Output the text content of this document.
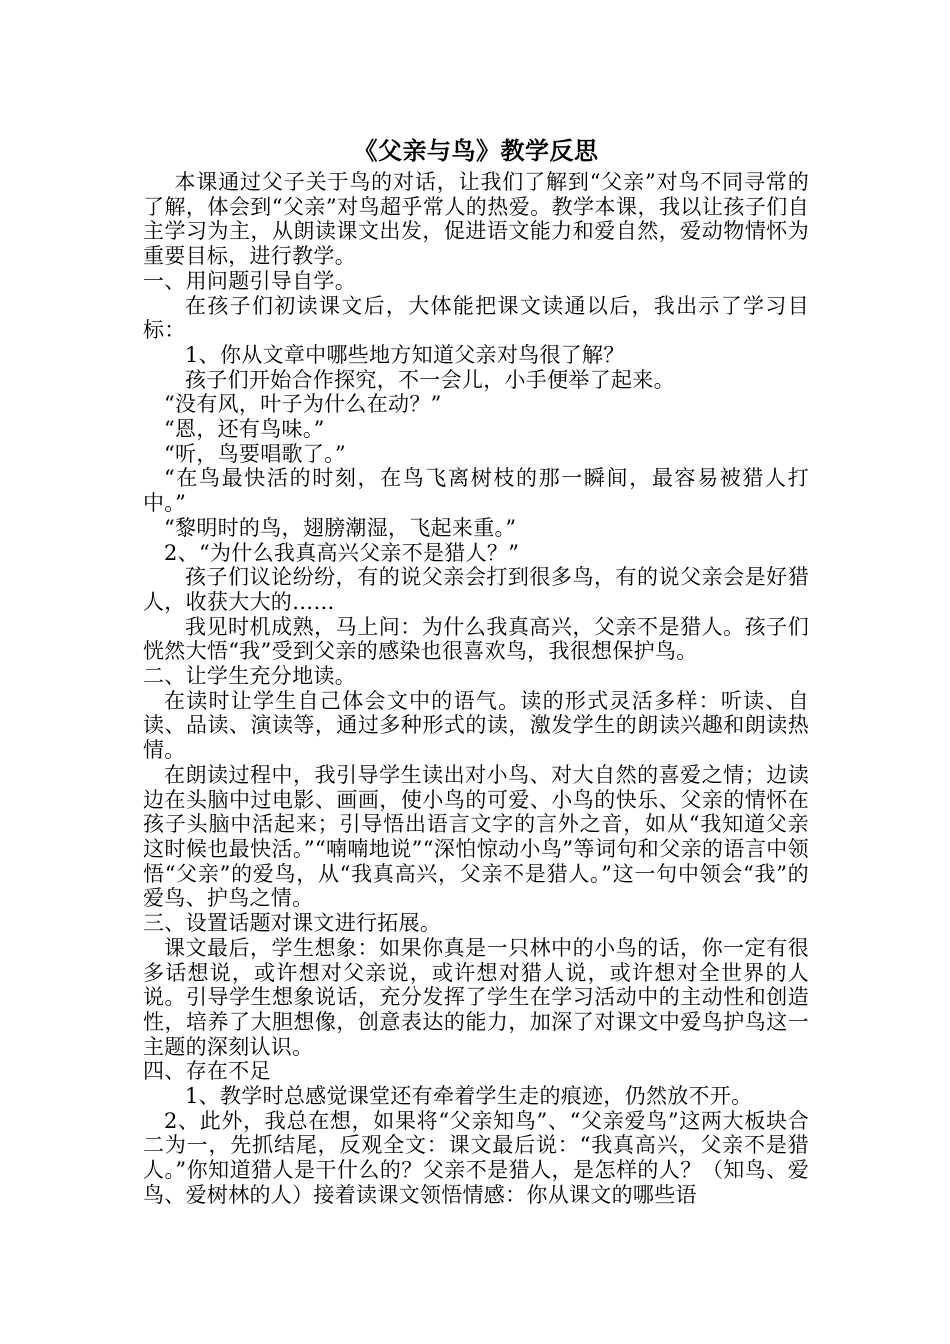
《父亲与鸟》教学反思

本课通过父子关于鸟的对话，让我们了解到“父亲”对鸟不同寻常的了解，体会到“父亲”对鸟超乎常人的热爱。教学本课，我以让孩子们自主学习为主，从朗读课文出发，促进语文能力和爱自然，爱动物情怀为重要目标，进行教学。

一、用问题引导自学。

在孩子们初读课文后，大体能把课文读通以后，我出示了学习目标：

1、你从文章中哪些地方知道父亲对鸟很了解？

孩子们开始合作探究，不一会儿，小手便举了起来。

“没有风，叶子为什么在动？”

“恩，还有鸟味。”

“听，鸟要唱歌了。”

“在鸟最快活的时刻，在鸟飞离树枝的那一瞬间，最容易被猎人打中。”

“黎明时的鸟，翅膀潮湿，飞起来重。”

2、“为什么我真高兴父亲不是猎人？”

孩子们议论纷纷，有的说父亲会打到很多鸟，有的说父亲会是好猎人，收获大大的……

我见时机成熟，马上问：为什么我真高兴，父亲不是猎人。孩子们恍然大悟“我”受到父亲的感染也很喜欢鸟，我很想保护鸟。

二、让学生充分地读。

在读时让学生自己体会文中的语气。读的形式灵活多样：听读、自读、品读、演读等，通过多种形式的读，激发学生的朗读兴趣和朗读热情。

在朗读过程中，我引导学生读出对小鸟、对大自然的喜爱之情；边读边在头脑中过电影、画画，使小鸟的可爱、小鸟的快乐、父亲的情怀在孩子头脑中活起来；引导悟出语言文字的言外之音，如从“我知道父亲这时候也最快活。”“喃喃地说”“深怕惊动小鸟”等词句和父亲的语言中领悟“父亲”的爱鸟，从“我真高兴，父亲不是猎人。”这一句中领会“我”的爱鸟、护鸟之情。

三、设置话题对课文进行拓展。

课文最后，学生想象：如果你真是一只林中的小鸟的话，你一定有很多话想说，或许想对父亲说，或许想对猎人说，或许想对全世界的人说。引导学生想象说话，充分发挥了学生在学习活动中的主动性和创造性，培养了大胆想像，创意表达的能力，加深了对课文中爱鸟护鸟这一主题的深刻认识。

四、存在不足

1、教学时总感觉课堂还有牵着学生走的痕迹，仍然放不开。

2、此外，我总在想，如果将“父亲知鸟”、“父亲爱鸟”这两大板块合二为一，先抓结尾，反观全文：课文最后说：“我真高兴，父亲不是猎人。”你知道猎人是干什么的？父亲不是猎人，是怎样的人？（知鸟、爱鸟、爱树林的人）接着读课文领悟情感：你从课文的哪些语
